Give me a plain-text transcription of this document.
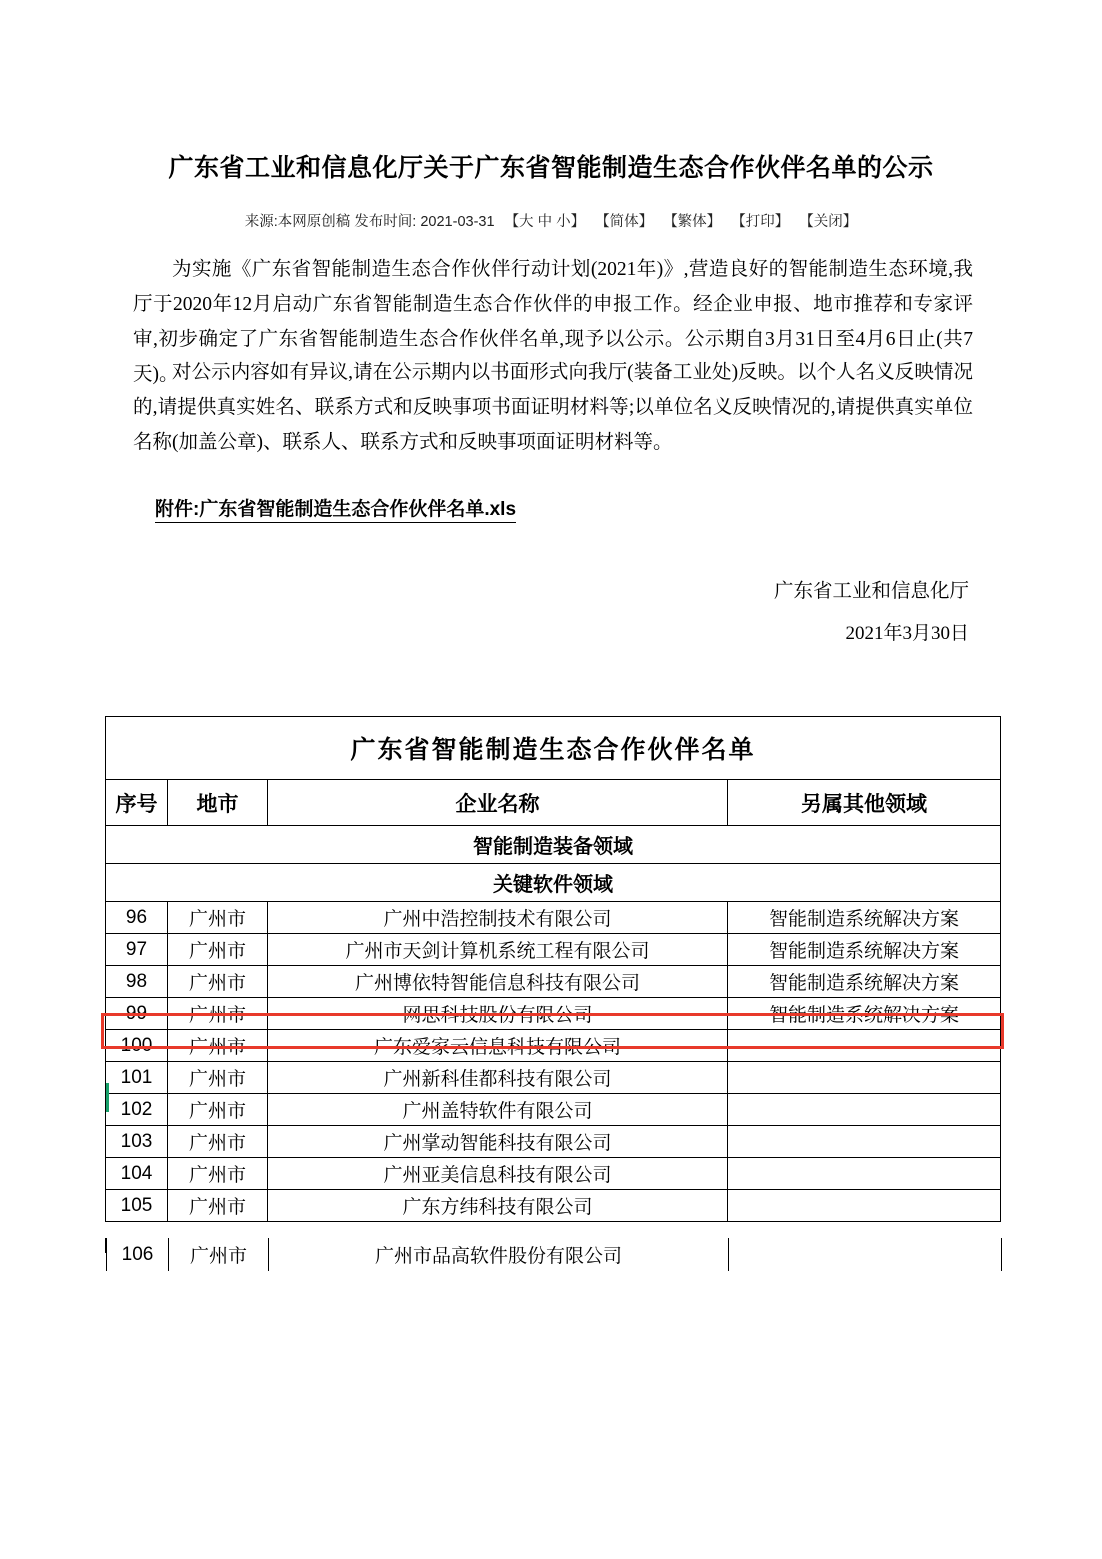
广东省工业和信息化厅关于广东省智能制造生态合作伙伴名单的公示
来源:本网原创稿 发布时间: 2021-03-31 【大 中 小】 【简体】 【繁体】 【打印】 【关闭】
为实施《广东省智能制造生态合作伙伴行动计划(2021年)》,营造良好的智能制造生态环境,我厅于2020年12月启动广东省智能制造生态合作伙伴的申报工作。经企业申报、地市推荐和专家评审,初步确定了广东省智能制造生态合作伙伴名单,现予以公示。公示期自3月31日至4月6日止(共7天)。
对公示内容如有异议,请在公示期内以书面形式向我厅(装备工业处)反映。以个人名义反映情况的,请提供真实姓名、联系方式和反映事项书面证明材料等;以单位名义反映情况的,请提供真实单位名称(加盖公章)、联系人、联系方式和反映事项面证明材料等。
附件:广东省智能制造生态合作伙伴名单.xls
广东省工业和信息化厅
2021年3月30日
广东省智能制造生态合作伙伴名单			
序号	地市	企业名称	另属其他领域
智能制造装备领域			
关键软件领域			
96	广州市	广州中浩控制技术有限公司	智能制造系统解决方案
97	广州市	广州市天剑计算机系统工程有限公司	智能制造系统解决方案
98	广州市	广州博依特智能信息科技有限公司	智能制造系统解决方案
99	广州市	网思科技股份有限公司	智能制造系统解决方案
100	广州市	广东爱家云信息科技有限公司	
101	广州市	广州新科佳都科技有限公司	
102	广州市	广州盖特软件有限公司	
103	广州市	广州掌动智能科技有限公司	
104	广州市	广州亚美信息科技有限公司	
105	广州市	广东方纬科技有限公司	
106	广州市	广州市品高软件股份有限公司	
